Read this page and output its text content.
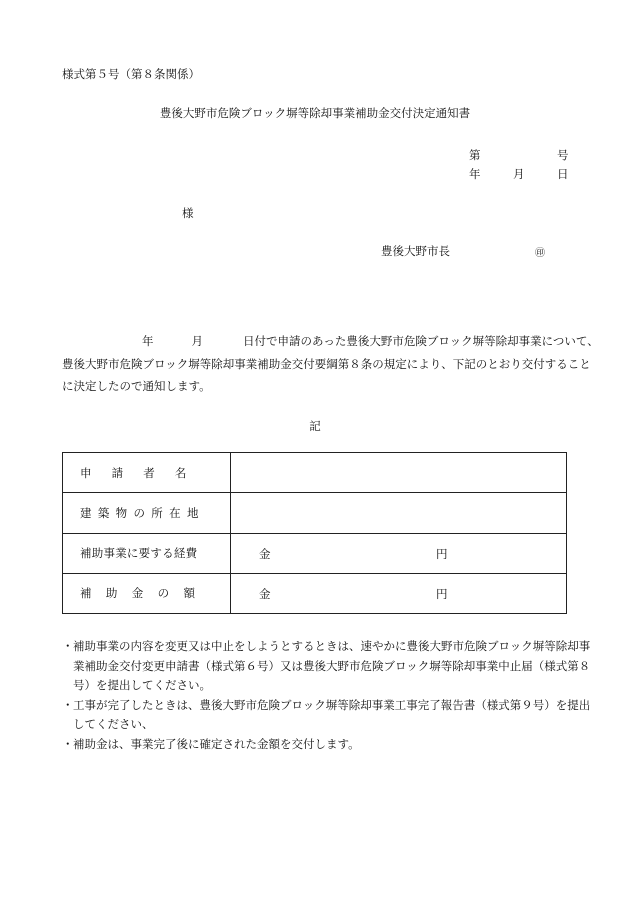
様式第５号（第８条関係）
豊後大野市危険ブロック塀等除却事業補助金交付決定通知書
第	号
年	月	日
様
豊後大野市長	㊞
年	月	日付で申請のあった豊後大野市危険ブロック塀等除却事業について、
豊後大野市危険ブロック塀等除却事業補助金交付要綱第８条の規定により、下記のとおり交付すること
に決定したので通知します。
記
申請者名	

建築物の所在地	

補助事業に要する経費	金 円

補助金の額	金 円
・ 補助事業の内容を変更又は中止をしようとするときは、速やかに豊後大野市危険ブロック塀等除却事
業補助金交付変更申請書（様式第６号）又は豊後大野市危険ブロック塀等除却事業中止届（様式第８
号）を提出してください。
・ 工事が完了したときは、豊後大野市危険ブロック塀等除却事業工事完了報告書（様式第９号）を提出
してください、
・ 補助金は、事業完了後に確定された金額を交付します。
